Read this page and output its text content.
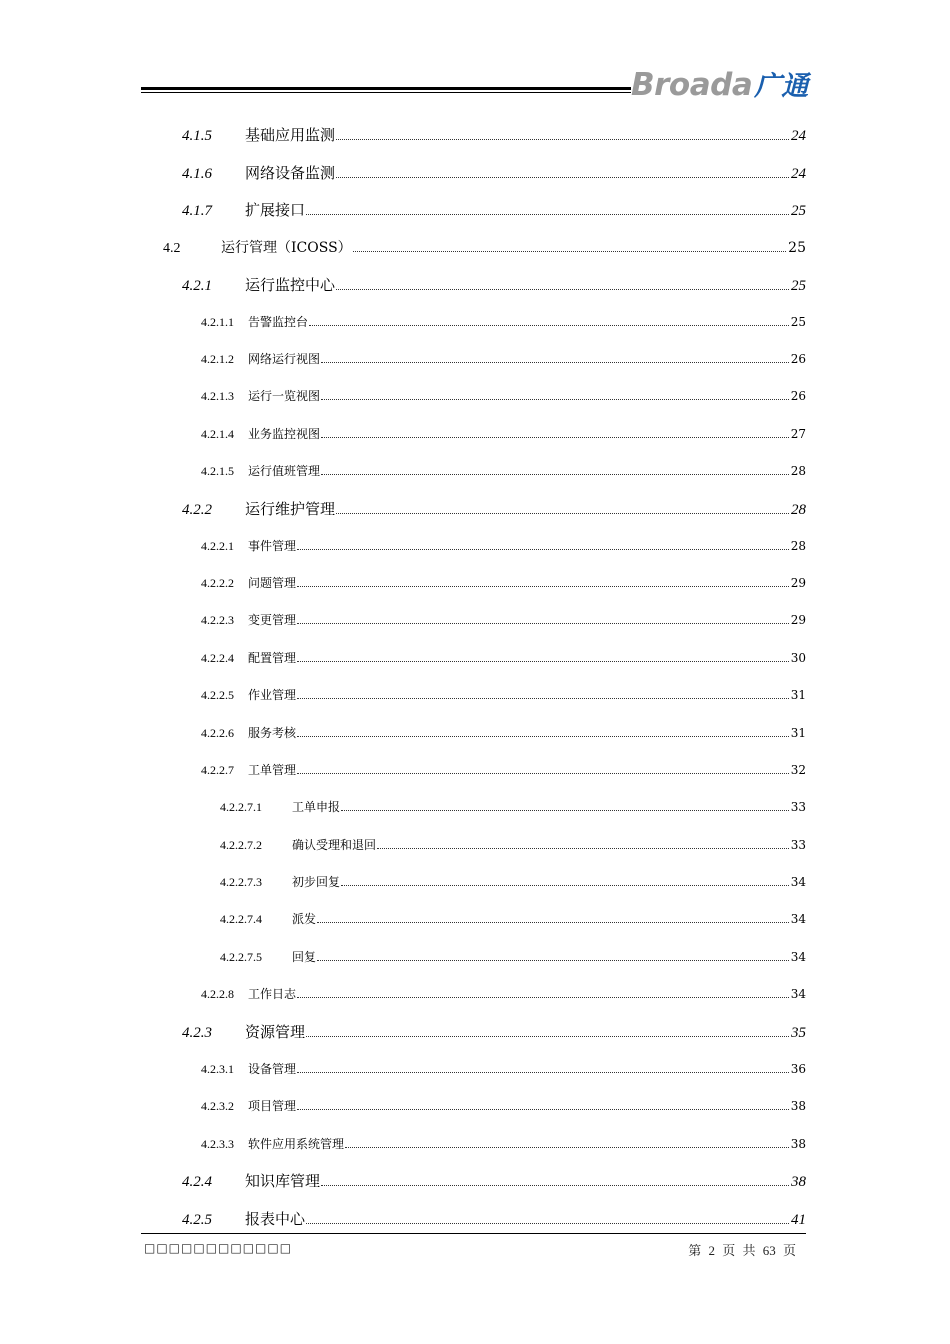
Broada广通
4.1.5	基础应用监测	24
4.1.6	网络设备监测	24
4.1.7	扩展接口	25
4.2	运行管理（ICOSS）	25
4.2.1	运行监控中心	25
4.2.1.1	告警监控台	25
4.2.1.2	网络运行视图	26
4.2.1.3	运行一览视图	26
4.2.1.4	业务监控视图	27
4.2.1.5	运行值班管理	28
4.2.2	运行维护管理	28
4.2.2.1	事件管理	28
4.2.2.2	问题管理	29
4.2.2.3	变更管理	29
4.2.2.4	配置管理	30
4.2.2.5	作业管理	31
4.2.2.6	服务考核	31
4.2.2.7	工单管理	32
4.2.2.7.1	工单申报	33
4.2.2.7.2	确认受理和退回	33
4.2.2.7.3	初步回复	34
4.2.2.7.4	派发	34
4.2.2.7.5	回复	34
4.2.2.8	工作日志	34
4.2.3	资源管理	35
4.2.3.1	设备管理	36
4.2.3.2	项目管理	38
4.2.3.3	软件应用系统管理	38
4.2.4	知识库管理	38
4.2.5	报表中心	41
□□□□□□□□□□□□	第 2 页 共 63 页
